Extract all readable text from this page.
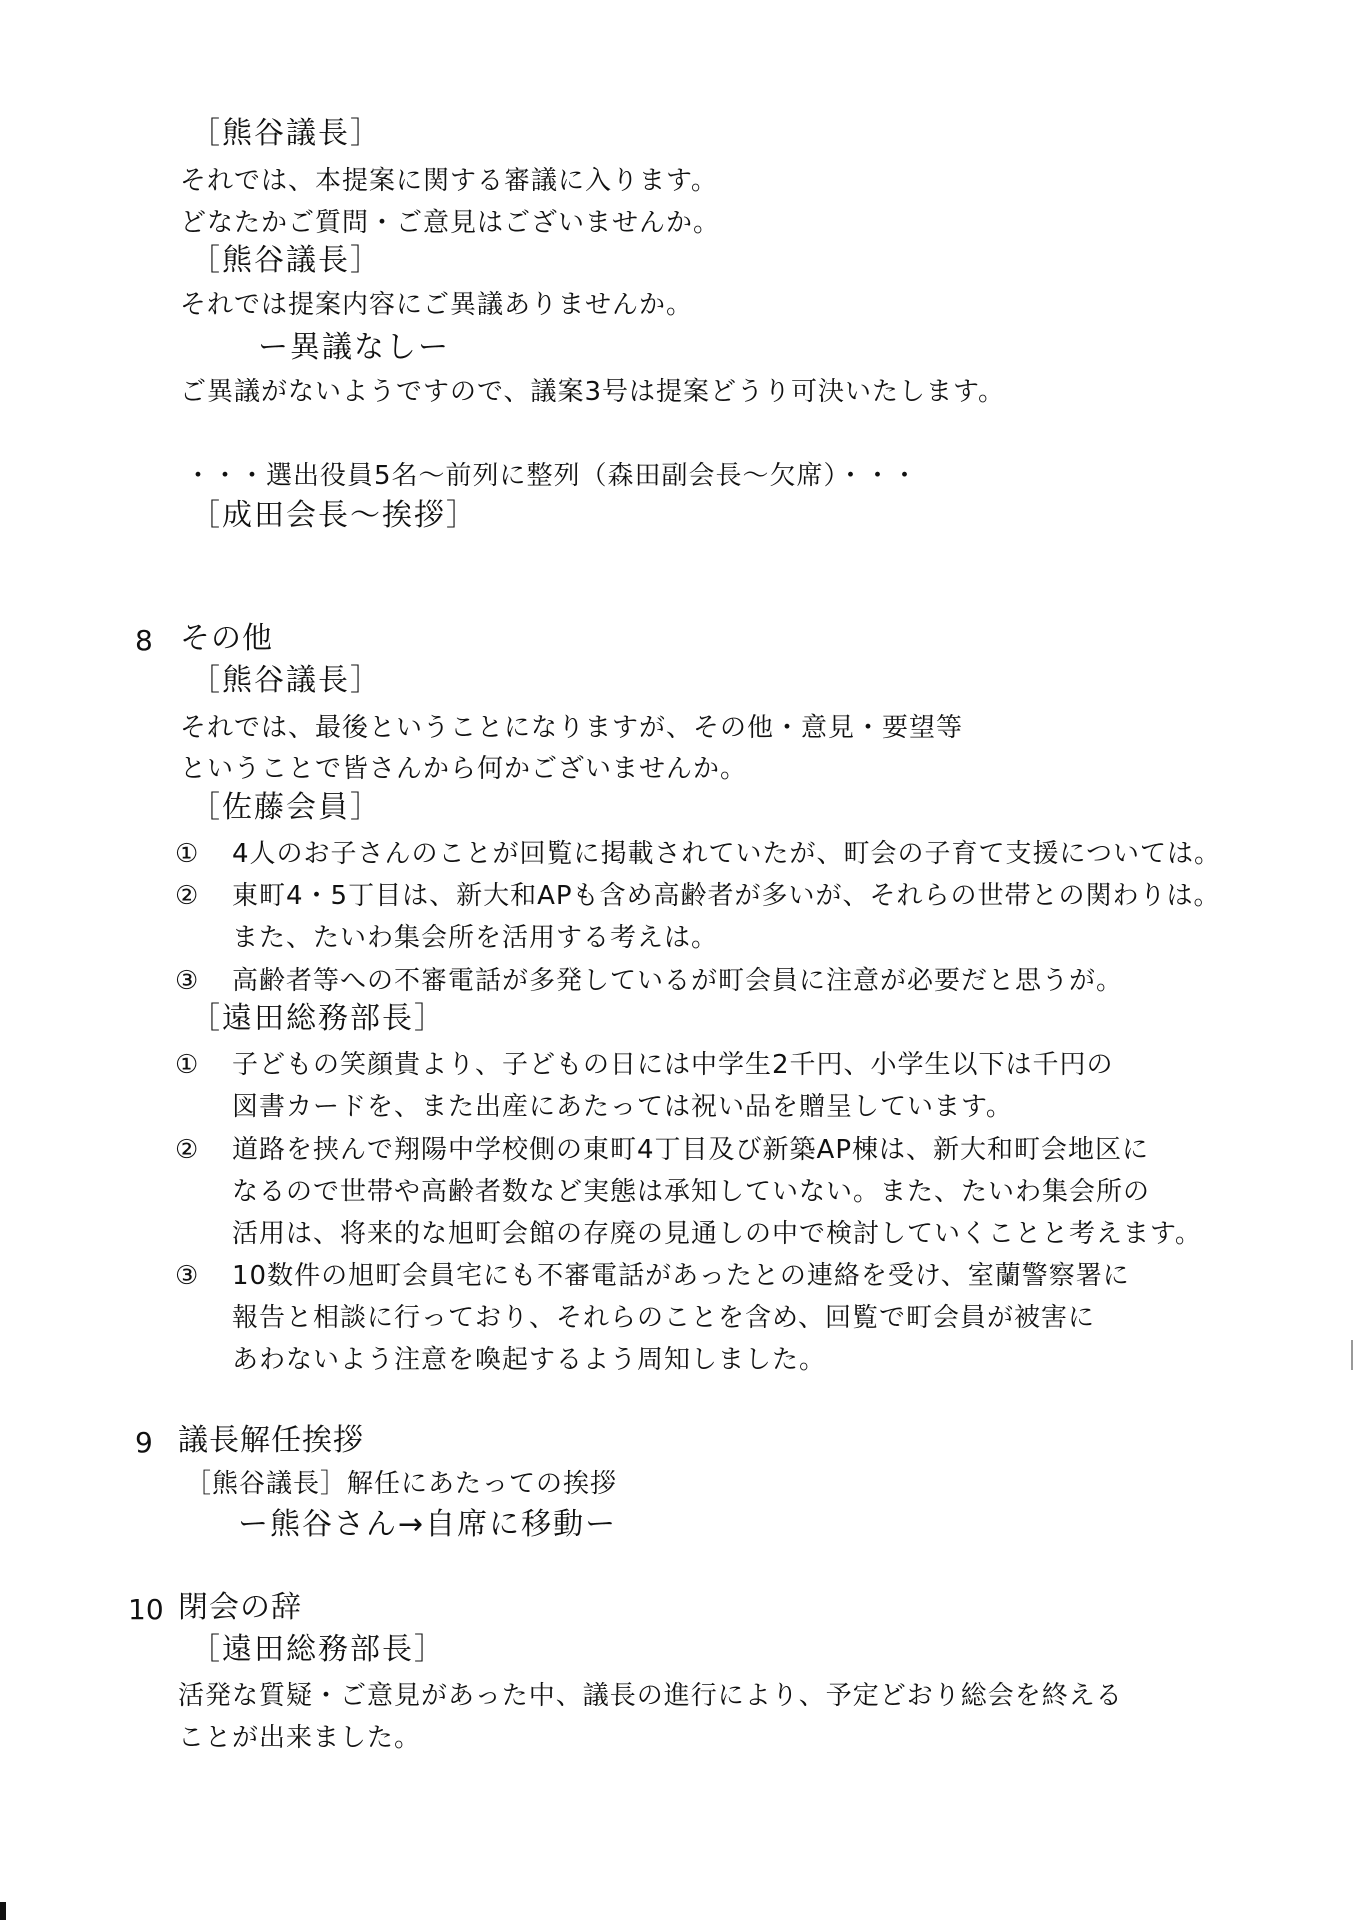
［熊谷議長］
それでは、本提案に関する審議に入ります。
どなたかご質問・ご意見はございませんか。
［熊谷議長］
それでは提案内容にご異議ありませんか。
ー異議なしー
ご異議がないようですので、議案3号は提案どうり可決いたします。
・・・選出役員5名～前列に整列（森田副会長～欠席）・・・
［成田会長～挨拶］
8 その他
［熊谷議長］
それでは、最後ということになりますが、その他・意見・要望等
ということで皆さんから何かございませんか。
［佐藤会員］
① 4人のお子さんのことが回覧に掲載されていたが、町会の子育て支援については。
② 東町4・5丁目は、新大和APも含め高齢者が多いが、それらの世帯との関わりは。
また、たいわ集会所を活用する考えは。
③ 高齢者等への不審電話が多発しているが町会員に注意が必要だと思うが。
［遠田総務部長］
① 子どもの笑顔貴より、子どもの日には中学生2千円、小学生以下は千円の
図書カードを、また出産にあたっては祝い品を贈呈しています。
② 道路を挟んで翔陽中学校側の東町4丁目及び新築AP棟は、新大和町会地区に
なるので世帯や高齢者数など実態は承知していない。また、たいわ集会所の
活用は、将来的な旭町会館の存廃の見通しの中で検討していくことと考えます。
③ 10数件の旭町会員宅にも不審電話があったとの連絡を受け、室蘭警察署に
報告と相談に行っており、それらのことを含め、回覧で町会員が被害に
あわないよう注意を喚起するよう周知しました。
9 議長解任挨拶
［熊谷議長］解任にあたっての挨拶
ー熊谷さん→自席に移動ー
10 閉会の辞
［遠田総務部長］
活発な質疑・ご意見があった中、議長の進行により、予定どおり総会を終える
ことが出来ました。
